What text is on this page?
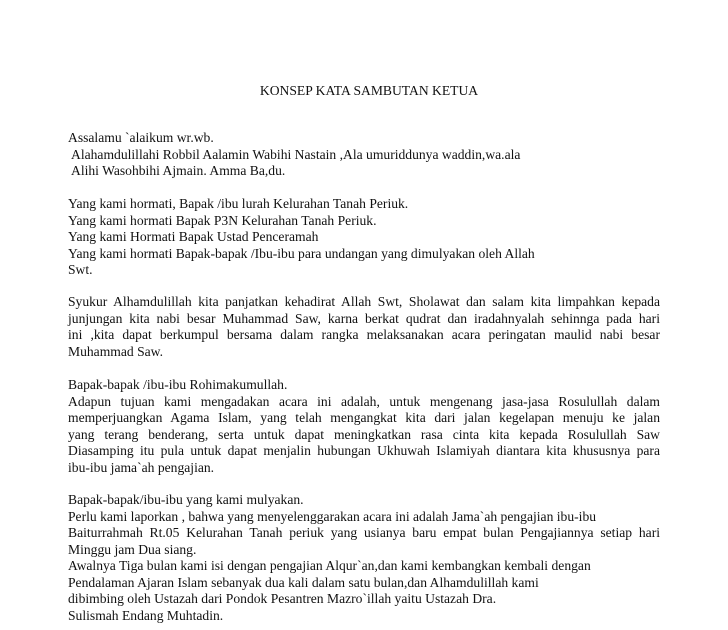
KONSEP KATA SAMBUTAN KETUA
Assalamu `alaikum wr.wb.
Alahamdulillahi Robbil Aalamin Wabihi Nastain ,Ala umuriddunya waddin,wa.ala
Alihi Wasohbihi Ajmain. Amma Ba,du.
Yang kami hormati, Bapak /ibu lurah Kelurahan Tanah Periuk.
Yang kami hormati Bapak P3N Kelurahan Tanah Periuk.
Yang kami Hormati Bapak Ustad Penceramah
Yang kami hormati Bapak-bapak /Ibu-ibu para undangan yang dimulyakan oleh Allah
Swt.
Syukur Alhamdulillah kita panjatkan kehadirat Allah Swt, Sholawat dan salam kita limpahkan kepada
junjungan kita nabi besar Muhammad Saw, karna berkat qudrat dan iradahnyalah sehinnga pada hari
ini ,kita dapat berkumpul bersama dalam rangka melaksanakan acara peringatan maulid nabi besar
Muhammad Saw.
Bapak-bapak /ibu-ibu Rohimakumullah.
Adapun tujuan kami mengadakan acara ini adalah, untuk mengenang jasa-jasa Rosulullah dalam
memperjuangkan Agama Islam, yang telah mengangkat kita dari jalan kegelapan menuju ke jalan
yang terang benderang, serta untuk dapat meningkatkan rasa cinta kita kepada Rosulullah Saw
Diasamping itu pula untuk dapat menjalin hubungan Ukhuwah Islamiyah diantara kita khususnya para
ibu-ibu jama`ah pengajian.
Bapak-bapak/ibu-ibu yang kami mulyakan.
Perlu kami laporkan , bahwa yang menyelenggarakan acara ini adalah Jama`ah pengajian ibu-ibu
Baiturrahmah Rt.05 Kelurahan Tanah periuk yang usianya baru empat bulan Pengajiannya setiap hari
Minggu jam Dua siang.
Awalnya Tiga bulan kami isi dengan pengajian Alqur`an,dan kami kembangkan kembali dengan
Pendalaman Ajaran Islam sebanyak dua kali dalam satu bulan,dan Alhamdulillah kami
dibimbing oleh Ustazah dari Pondok Pesantren Mazro`illah yaitu Ustazah Dra.
Sulismah Endang Muhtadin.
